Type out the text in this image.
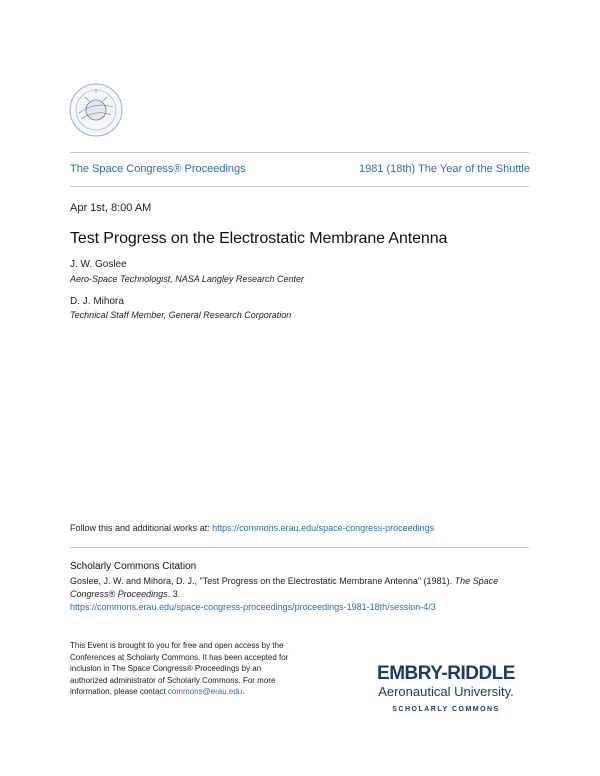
The Space Congress® Proceedings	1981 (18th) The Year of the Shuttle
Apr 1st, 8:00 AM
Test Progress on the Electrostatic Membrane Antenna
J. W. Goslee
Aero-Space Technologist, NASA Langley Research Center
D. J. Mihora
Technical Staff Member, General Research Corporation
Follow this and additional works at: https://commons.erau.edu/space-congress-proceedings
Scholarly Commons Citation
Goslee, J. W. and Mihora, D. J., "Test Progress on the Electrostatic Membrane Antenna" (1981). The Space Congress® Proceedings. 3.
https://commons.erau.edu/space-congress-proceedings/proceedings-1981-18th/session-4/3
This Event is brought to you for free and open access by the Conferences at Scholarly Commons. It has been accepted for inclusion in The Space Congress® Proceedings by an authorized administrator of Scholarly Commons. For more information, please contact commons@erau.edu.
EMBRY-RIDDLE
Aeronautical University.
SCHOLARLY COMMONS
